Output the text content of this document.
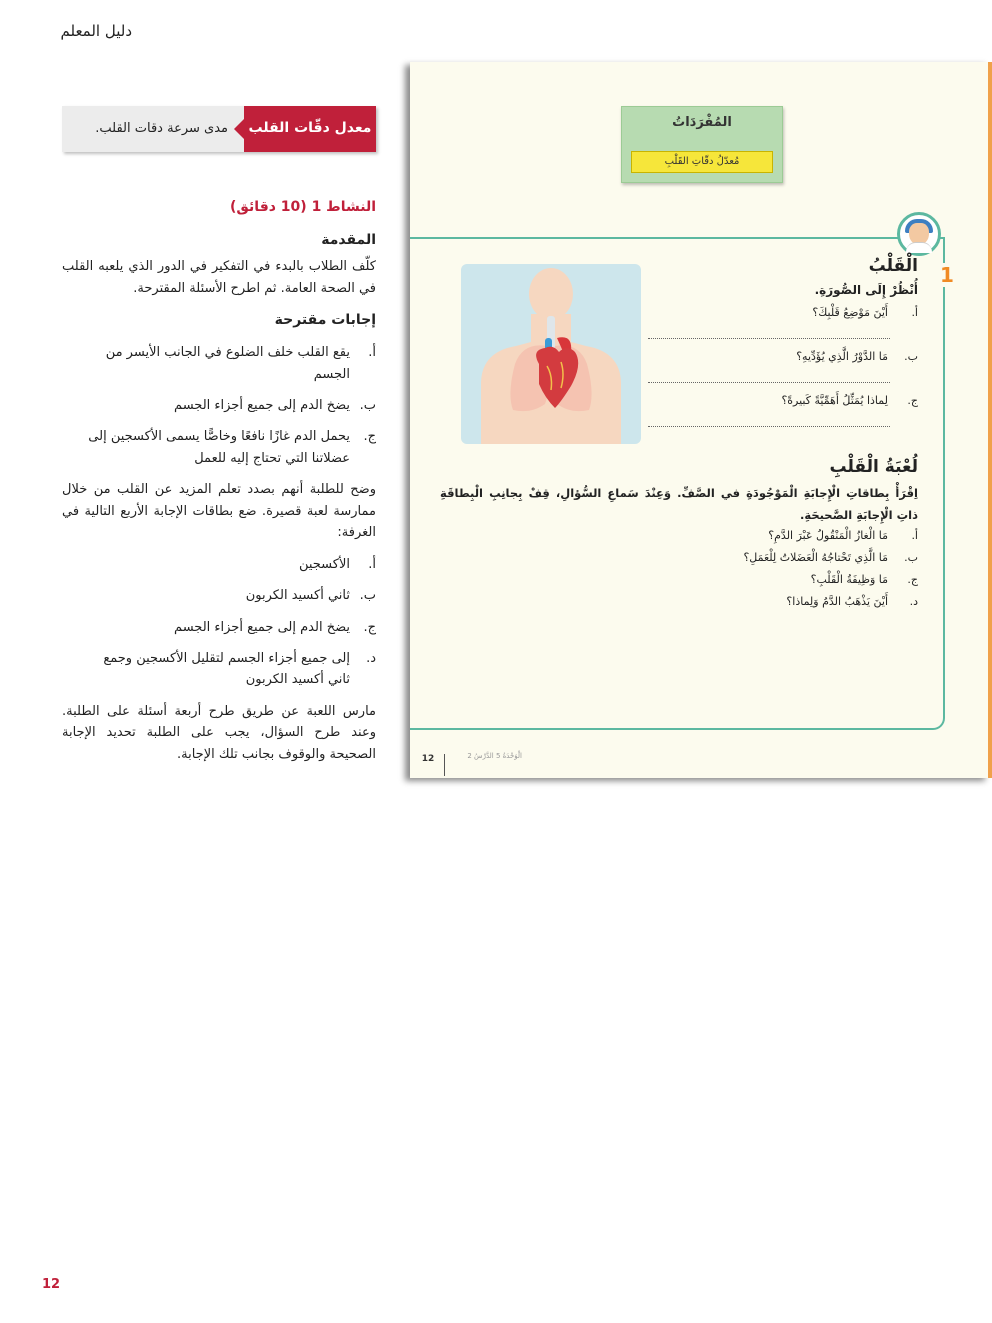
دليل المعلم
معدل دقّات القلب
مدى سرعة دقات القلب.
النشاط 1 (10 دقائق)
المقدمة
كلّف الطلاب بالبدء في التفكير في الدور الذي يلعبه القلب في الصحة العامة. ثم اطرح الأسئلة المقترحة.
إجابات مقترحة
أ.
يقع القلب خلف الضلوع في الجانب الأيسر من الجسم
ب.
يضخ الدم إلى جميع أجزاء الجسم
ج.
يحمل الدم غازًا نافعًا وخاصًّا يسمى الأكسجين إلى عضلاتنا التي تحتاج إليه للعمل
وضح للطلبة أنهم بصدد تعلم المزيد عن القلب من خلال ممارسة لعبة قصيرة. ضع بطاقات الإجابة الأربع التالية في الغرفة:
أ.
الأكسجين
ب.
ثاني أكسيد الكربون
ج.
يضخ الدم إلى جميع أجزاء الجسم
د.
إلى جميع أجزاء الجسم لتقليل الأكسجين وجمع ثاني أكسيد الكربون
مارس اللعبة عن طريق طرح أربعة أسئلة على الطلبة. وعند طرح السؤال، يجب على الطلبة تحديد الإجابة الصحيحة والوقوف بجانب تلك الإجابة.
المُفْرَدَاتُ
مُعدّلُ دقّاتِ القَلْبِ
1
الْقَلْبُ
أُنْظُرْ إِلَى الصُّورَةِ.
أ.
أَيْنَ مَوْضِعُ قَلْبِكَ؟
ب.
مَا الدَّوْرُ الَّذِي يُؤَدِّيهِ؟
ج.
لِماذا يُمَثِّلُ أَهَمِّيَّةً كَبيرةً؟
لُعْبَةُ الْقَلْبِ
اِقْرَأْ بِطاقاتِ الْإِجابَةِ الْمَوْجُودَةِ في الصَّفِّ. وَعِنْدَ سَماعِ السُّؤالِ، قِفْ بِجانِبِ الْبِطاقَةِ ذاتِ الْإِجابَةِ الصَّحيحَةِ.
أ.
مَا الْغازُ الْمَنْقُولُ عَبْرَ الدَّمِ؟
ب.
مَا الَّذِي تَحْتاجُهُ الْعَضَلاتُ لِلْعَمَلِ؟
ج.
مَا وَظِيفَةُ الْقَلْبِ؟
د.
أَيْنَ يَذْهَبُ الدَّمُ وَلِماذا؟
12	الْوَحْدَةُ 5 الدَّرْسُ 2
12
